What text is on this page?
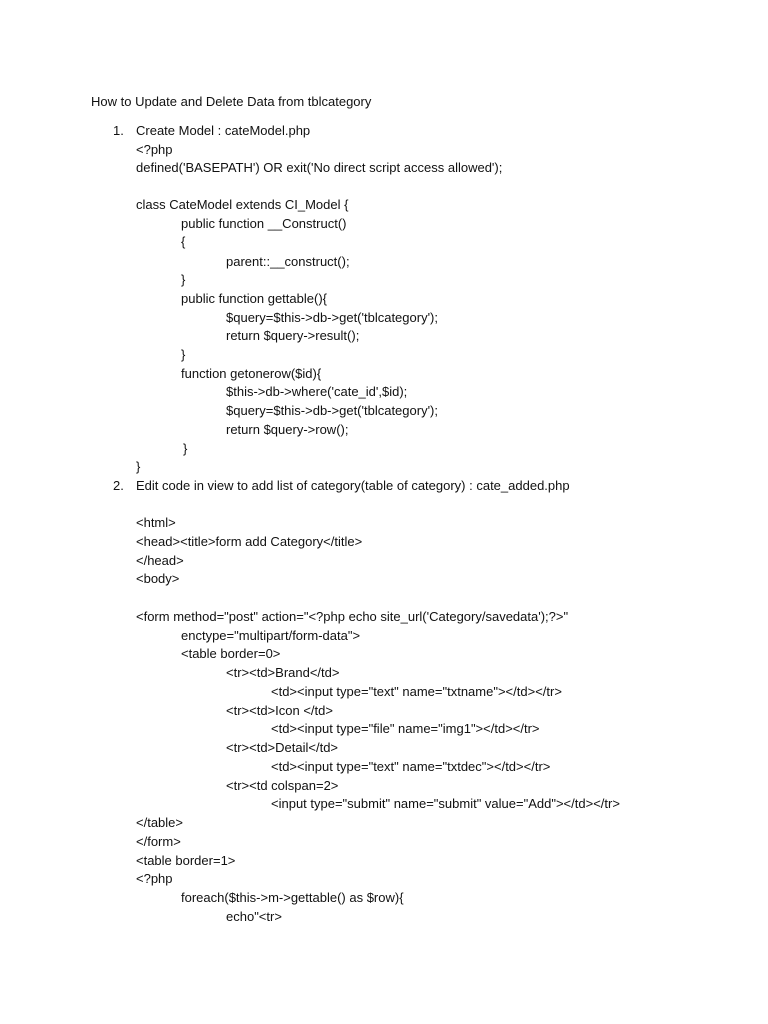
How to Update and Delete Data from tblcategory
1. Create Model : cateModel.php
<?php
defined('BASEPATH') OR exit('No direct script access allowed');
class CateModel extends CI_Model {
public function __Construct()
{
parent::__construct();
}
public function gettable(){
$query=$this->db->get('tblcategory');
return $query->result();
}
function getonerow($id){
$this->db->where('cate_id',$id);
$query=$this->db->get('tblcategory');
return $query->row();
}
}
2. Edit code in view to add list of category(table of category) : cate_added.php
<html>
<head><title>form add Category</title>
</head>
<body>
<form method="post" action="<?php echo site_url('Category/savedata');?>"
enctype="multipart/form-data">
<table border=0>
<tr><td>Brand</td>
<td><input type="text" name="txtname"></td></tr>
<tr><td>Icon </td>
<td><input type="file" name="img1"></td></tr>
<tr><td>Detail</td>
<td><input type="text" name="txtdec"></td></tr>
<tr><td colspan=2>
<input type="submit" name="submit" value="Add"></td></tr>
</table>
</form>
<table border=1>
<?php
foreach($this->m->gettable() as $row){
echo"<tr>
